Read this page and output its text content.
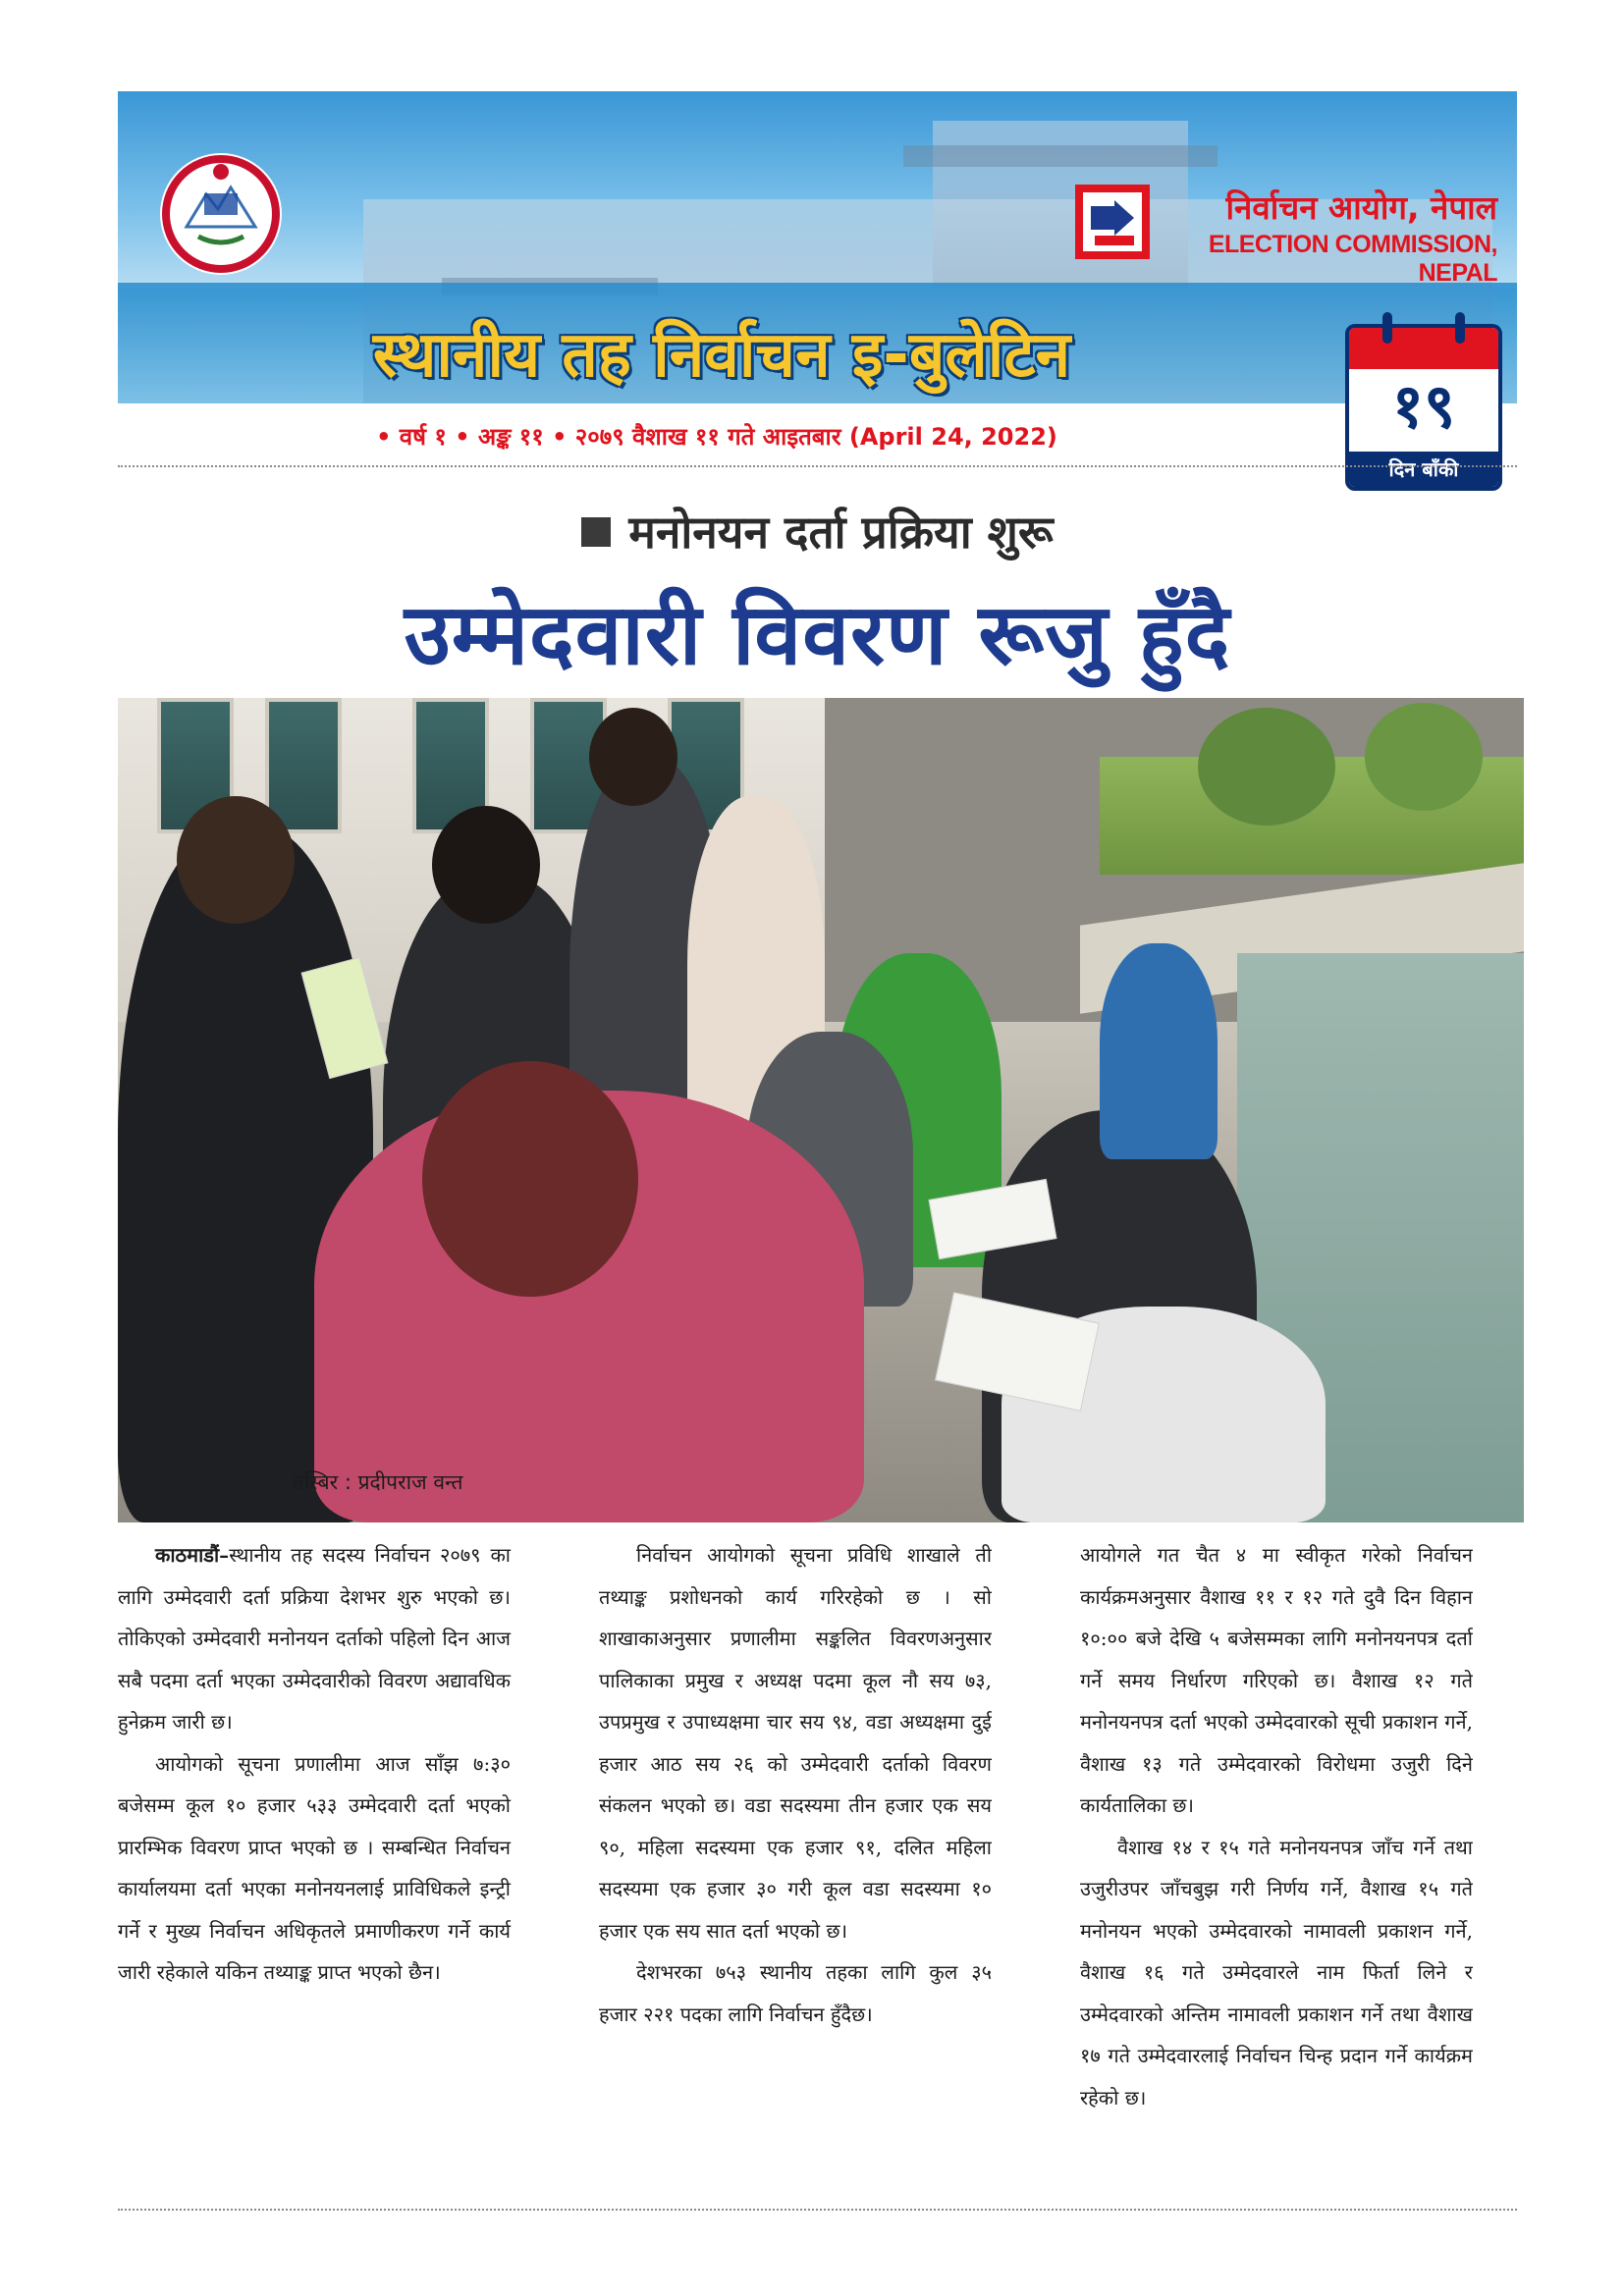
निर्वाचन आयोग, नेपाल
ELECTION COMMISSION, NEPAL
स्थानीय तह निर्वाचन इ-बुलेटिन
१९
दिन बाँकी
• वर्ष १ • अङ्क ११ • २०७९ वैशाख ११ गते आइतबार (April 24, 2022)
मनोनयन दर्ता प्रक्रिया शुरू
उम्मेदवारी विवरण रूजु हुँदै
तस्बिर : प्रदीपराज वन्त

काठमाडौं–स्थानीय तह सदस्य निर्वाचन २०७९ का लागि उम्मेदवारी दर्ता प्रक्रिया देशभर शुरु भएको छ। तोकिएको उम्मेदवारी मनोनयन दर्ताको पहिलो दिन आज सबै पदमा दर्ता भएका उम्मेदवारीको विवरण अद्यावधिक हुनेक्रम जारी छ।

आयोगको सूचना प्रणालीमा आज साँझ ७:३० बजेसम्म कूल १० हजार ५३३ उम्मेदवारी दर्ता भएको प्रारम्भिक विवरण प्राप्त भएको छ । सम्बन्धित निर्वाचन कार्यालयमा दर्ता भएका मनोनयनलाई प्राविधिकले इन्ट्री गर्ने र मुख्य निर्वाचन अधिकृतले प्रमाणीकरण गर्ने कार्य जारी रहेकाले यकिन तथ्याङ्क प्राप्त भएको छैन।

निर्वाचन आयोगको सूचना प्रविधि शाखाले ती तथ्याङ्क प्रशोधनको कार्य गरिरहेको छ । सो शाखाकाअनुसार प्रणालीमा सङ्कलित विवरणअनुसार पालिकाका प्रमुख र अध्यक्ष पदमा कूल नौ सय ७३, उपप्रमुख र उपाध्यक्षमा चार सय ९४, वडा अध्यक्षमा दुई हजार आठ सय २६ को उम्मेदवारी दर्ताको विवरण संकलन भएको छ। वडा सदस्यमा तीन हजार एक सय ९०, महिला सदस्यमा एक हजार ९१, दलित महिला सदस्यमा एक हजार ३० गरी कूल वडा सदस्यमा १० हजार एक सय सात दर्ता भएको छ।

देशभरका ७५३ स्थानीय तहका लागि कुल ३५ हजार २२१ पदका लागि निर्वाचन हुँदैछ।

आयोगले गत चैत ४ मा स्वीकृत गरेको निर्वाचन कार्यक्रमअनुसार वैशाख ११ र १२ गते दुवै दिन विहान १०:०० बजे देखि ५ बजेसम्मका लागि मनोनयनपत्र दर्ता गर्ने समय निर्धारण गरिएको छ। वैशाख १२ गते मनोनयनपत्र दर्ता भएको उम्मेदवारको सूची प्रकाशन गर्ने, वैशाख १३ गते उम्मेदवारको विरोधमा उजुरी दिने कार्यतालिका छ।

वैशाख १४ र १५ गते मनोनयनपत्र जाँच गर्ने तथा उजुरीउपर जाँचबुझ गरी निर्णय गर्ने, वैशाख १५ गते मनोनयन भएको उम्मेदवारको नामावली प्रकाशन गर्ने, वैशाख १६ गते उम्मेदवारले नाम फिर्ता लिने र उम्मेदवारको अन्तिम नामावली प्रकाशन गर्ने तथा वैशाख १७ गते उम्मेदवारलाई निर्वाचन चिन्ह प्रदान गर्ने कार्यक्रम रहेको छ।
